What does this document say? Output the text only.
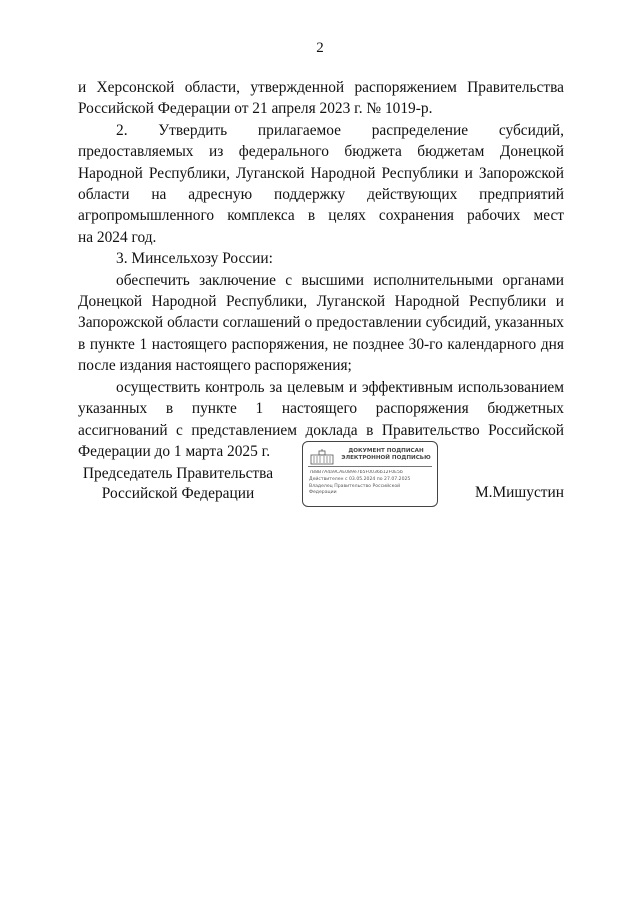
2

и Херсонской области, утвержденной распоряжением Правительства

Российской Федерации от 21 апреля 2023 г. № 1019-р.

2. Утвердить прилагаемое распределение субсидий,

предоставляемых из федерального бюджета бюджетам Донецкой

Народной Республики, Луганской Народной Республики и Запорожской

области на адресную поддержку действующих предприятий

агропромышленного комплекса в целях сохранения рабочих мест

на 2024 год.

3. Минсельхозу России:

обеспечить заключение с высшими исполнительными органами Донецкой Народной Республики, Луганской Народной Республики и Запорожской области соглашений о предоставлении субсидий, указанных в пункте 1 настоящего распоряжения, не позднее 30-го календарного дня после издания настоящего распоряжения;

осуществить контроль за целевым и эффективным использованием указанных в пункте 1 настоящего распоряжения бюджетных ассигнований с представлением доклада в Правительство Российской Федерации до 1 марта 2025 г.

Председатель Правительства
Российской Федерации
ДОКУМЕНТ ПОДПИСАН
ЭЛЕКТРОННОЙ ПОДПИСЬЮ
7B8B7A4a9CAE089e7b5F0036b12F0E5b
Действителен с 03.05.2024 по 27.07.2025
Владелец Правительство Российской
Федерации	М.Мишустин
